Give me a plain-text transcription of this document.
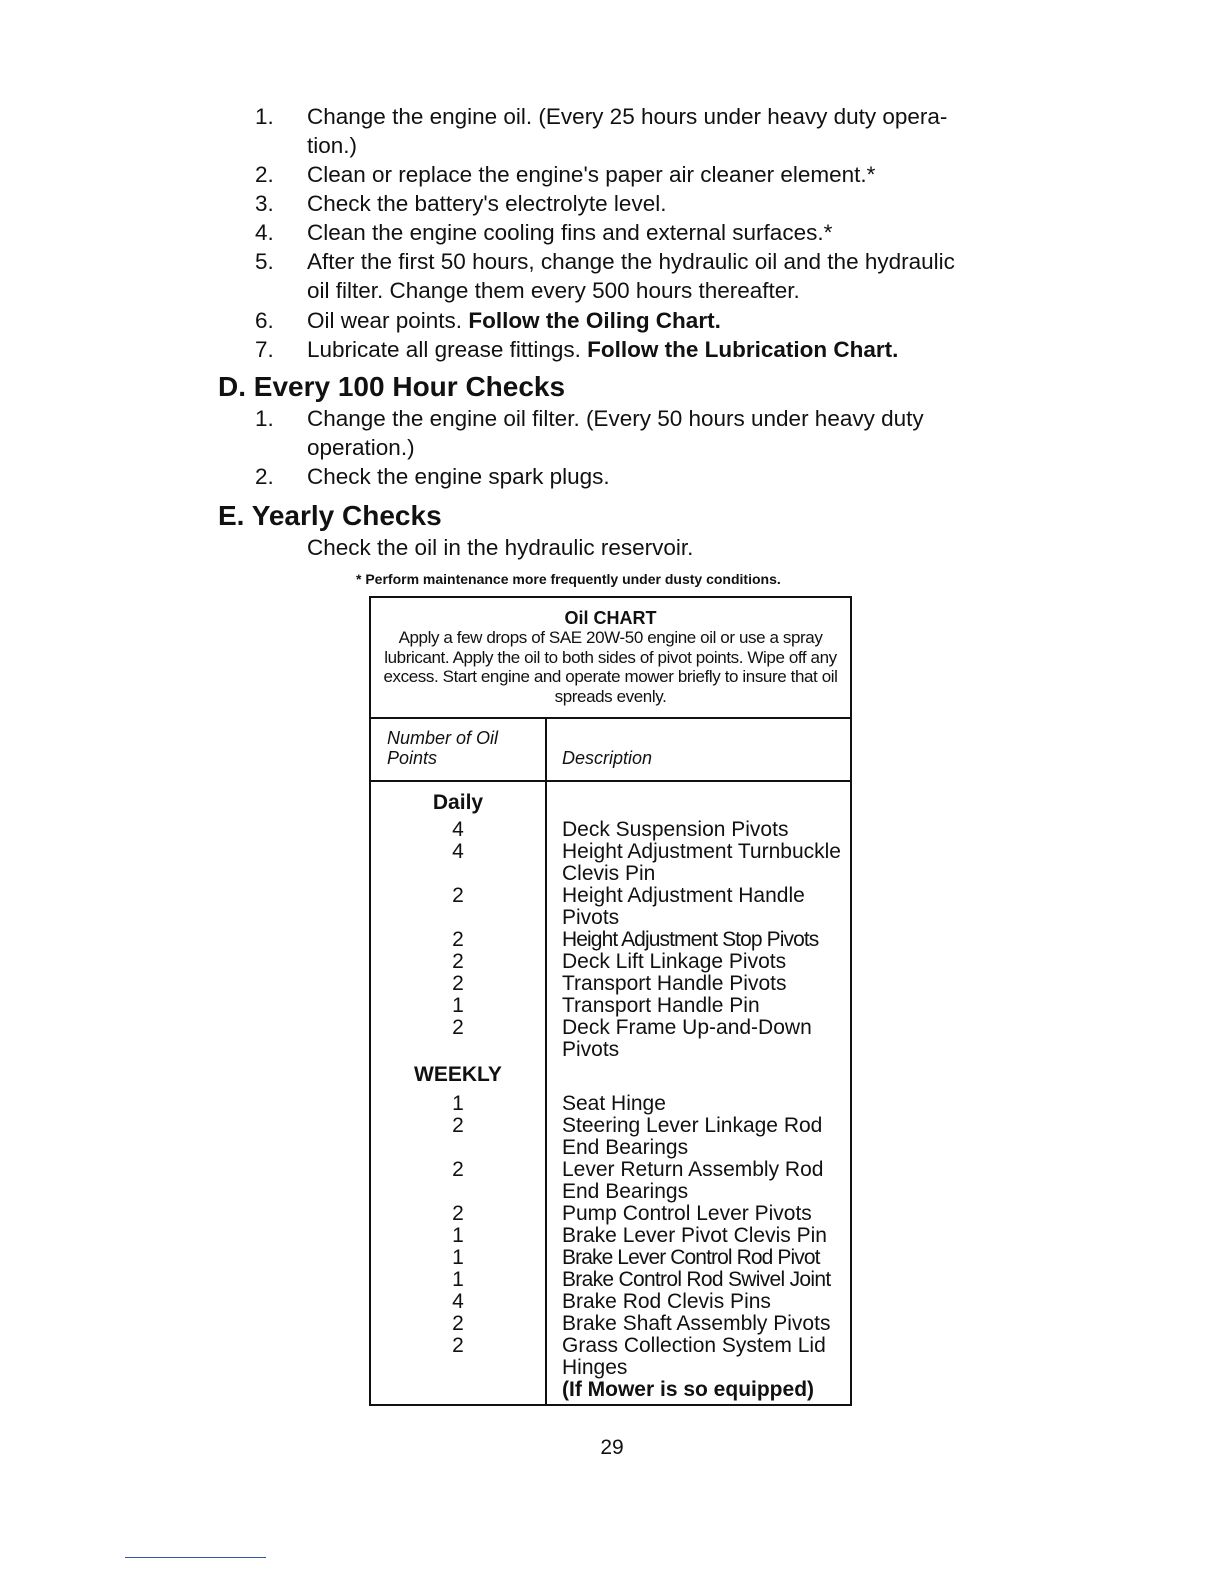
1.	Change the engine oil. (Every 25 hours under heavy duty opera-
tion.)
2.	Clean or replace the engine's paper air cleaner element.*
3.	Check the battery's electrolyte level.
4.	Clean the engine cooling fins and external surfaces.*
5.	After the first 50 hours, change the hydraulic oil and the hydraulic
oil filter. Change them every 500 hours thereafter.
6.	Oil wear points. Follow the Oiling Chart.
7.	Lubricate all grease fittings. Follow the Lubrication Chart.
D. Every 100 Hour Checks
1.	Change the engine oil filter. (Every 50 hours under heavy duty
operation.)
2.	Check the engine spark plugs.
E. Yearly Checks
Check the oil in the hydraulic reservoir.
* Perform maintenance more frequently under dusty conditions.
Oil CHART
Apply a few drops of SAE 20W-50 engine oil or use a spray lubricant. Apply the oil to both sides of pivot points. Wipe off any excess. Start engine and operate mower briefly to insure that oil spreads evenly.
Number of Oil Points	Description
Daily
4	Deck Suspension Pivots
4	Height Adjustment Turnbuckle Clevis Pin
2	Height Adjustment Handle Pivots
2	Height Adjustment Stop Pivots
2	Deck Lift Linkage Pivots
2	Transport Handle Pivots
1	Transport Handle Pin
2	Deck Frame Up-and-Down Pivots
WEEKLY
1	Seat Hinge
2	Steering Lever Linkage Rod End Bearings
2	Lever Return Assembly Rod End Bearings
2	Pump Control Lever Pivots
1	Brake Lever Pivot Clevis Pin
1	Brake Lever Control Rod Pivot
1	Brake Control Rod Swivel Joint
4	Brake Rod Clevis Pins
2	Brake Shaft Assembly Pivots
2	Grass Collection System Lid Hinges
(If Mower is so equipped)
29
